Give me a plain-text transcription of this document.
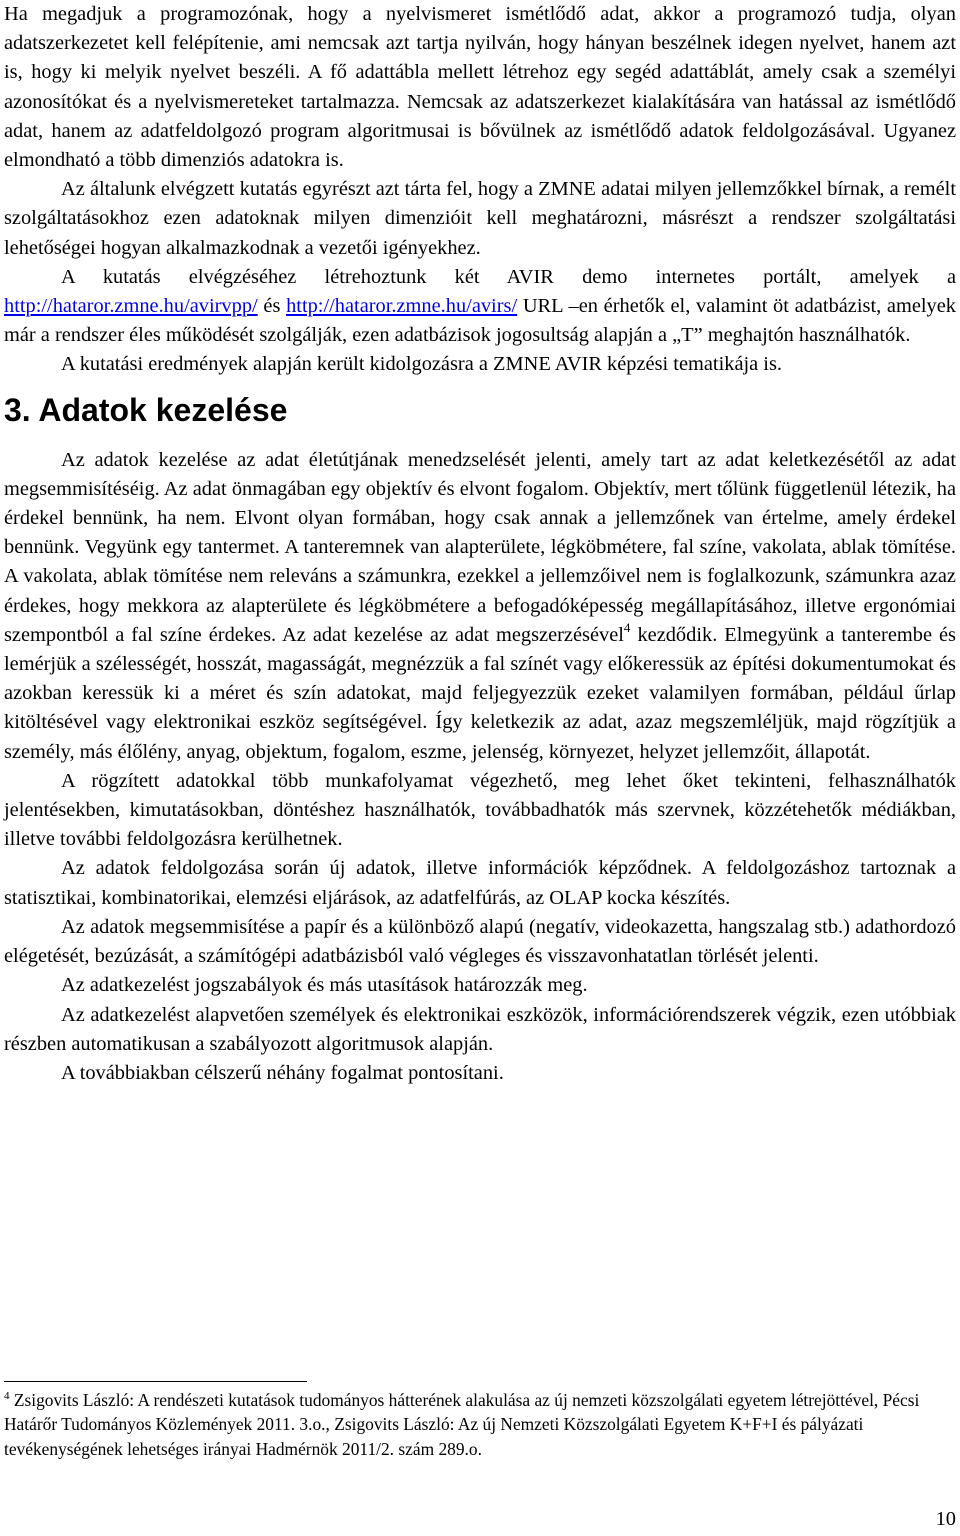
Ha megadjuk a programozónak, hogy a nyelvismeret ismétlődő adat, akkor a programozó tudja, olyan adatszerkezetet kell felépítenie, ami nemcsak azt tartja nyilván, hogy hányan beszélnek idegen nyelvet, hanem azt is, hogy ki melyik nyelvet beszéli. A fő adattábla mellett létrehoz egy segéd adattáblát, amely csak a személyi azonosítókat és a nyelvismereteket tartalmazza. Nemcsak az adatszerkezet kialakítására van hatással az ismétlődő adat, hanem az adatfeldolgozó program algoritmusai is bővülnek az ismétlődő adatok feldolgozásával. Ugyanez elmondható a több dimenziós adatokra is.

Az általunk elvégzett kutatás egyrészt azt tárta fel, hogy a ZMNE adatai milyen jellemzőkkel bírnak, a remélt szolgáltatásokhoz ezen adatoknak milyen dimenzióit kell meghatározni, másrészt a rendszer szolgáltatási lehetőségei hogyan alkalmazkodnak a vezetői igényekhez.

A kutatás elvégzéséhez létrehoztunk két AVIR demo internetes portált, amelyek a http://hataror.zmne.hu/avirvpp/ és http://hataror.zmne.hu/avirs/ URL –en érhetők el, valamint öt adatbázist, amelyek már a rendszer éles működését szolgálják, ezen adatbázisok jogosultság alapján a „T” meghajtón használhatók.

A kutatási eredmények alapján került kidolgozásra a ZMNE AVIR képzési tematikája is.

3. Adatok kezelése

Az adatok kezelése az adat életútjának menedzselését jelenti, amely tart az adat keletkezésétől az adat megsemmisítéséig. Az adat önmagában egy objektív és elvont fogalom. Objektív, mert tőlünk függetlenül létezik, ha érdekel bennünk, ha nem. Elvont olyan formában, hogy csak annak a jellemzőnek van értelme, amely érdekel bennünk. Vegyünk egy tantermet. A tanteremnek van alapterülete, légköbmétere, fal színe, vakolata, ablak tömítése. A vakolata, ablak tömítése nem releváns a számunkra, ezekkel a jellemzőivel nem is foglalkozunk, számunkra azaz érdekes, hogy mekkora az alapterülete és légköbmétere a befogadóképesség megállapításához, illetve ergonómiai szempontból a fal színe érdekes. Az adat kezelése az adat megszerzésével$^4$ kezdődik. Elmegyünk a tanterembe és lemérjük a szélességét, hosszát, magasságát, megnézzük a fal színét vagy előkeressük az építési dokumentumokat és azokban keressük ki a méret és szín adatokat, majd feljegyezzük ezeket valamilyen formában, például űrlap kitöltésével vagy elektronikai eszköz segítségével. Így keletkezik az adat, azaz megszemléljük, majd rögzítjük a személy, más élőlény, anyag, objektum, fogalom, eszme, jelenség, környezet, helyzet jellemzőit, állapotát.

A rögzített adatokkal több munkafolyamat végezhető, meg lehet őket tekinteni, felhasználhatók jelentésekben, kimutatásokban, döntéshez használhatók, továbbadhatók más szervnek, közzétehetők médiákban, illetve további feldolgozásra kerülhetnek.

Az adatok feldolgozása során új adatok, illetve információk képződnek. A feldolgozáshoz tartoznak a statisztikai, kombinatorikai, elemzési eljárások, az adatfelfúrás, az OLAP kocka készítés.

Az adatok megsemmisítése a papír és a különböző alapú (negatív, videokazetta, hangszalag stb.) adathordozó elégetését, bezúzását, a számítógépi adatbázisból való végleges és visszavonhatatlan törlését jelenti.

Az adatkezelést jogszabályok és más utasítások határozzák meg.

Az adatkezelést alapvetően személyek és elektronikai eszközök, információrendszerek végzik, ezen utóbbiak részben automatikusan a szabályozott algoritmusok alapján.

A továbbiakban célszerű néhány fogalmat pontosítani.

$^4$ Zsigovits László: A rendészeti kutatások tudományos hátterének alakulása az új nemzeti közszolgálati egyetem létrejöttével, Pécsi Határőr Tudományos Közlemények 2011. 3.o., Zsigovits László: Az új Nemzeti Közszolgálati Egyetem K+F+I és pályázati tevékenységének lehetséges irányai Hadmérnök 2011/2. szám 289.o.
10
